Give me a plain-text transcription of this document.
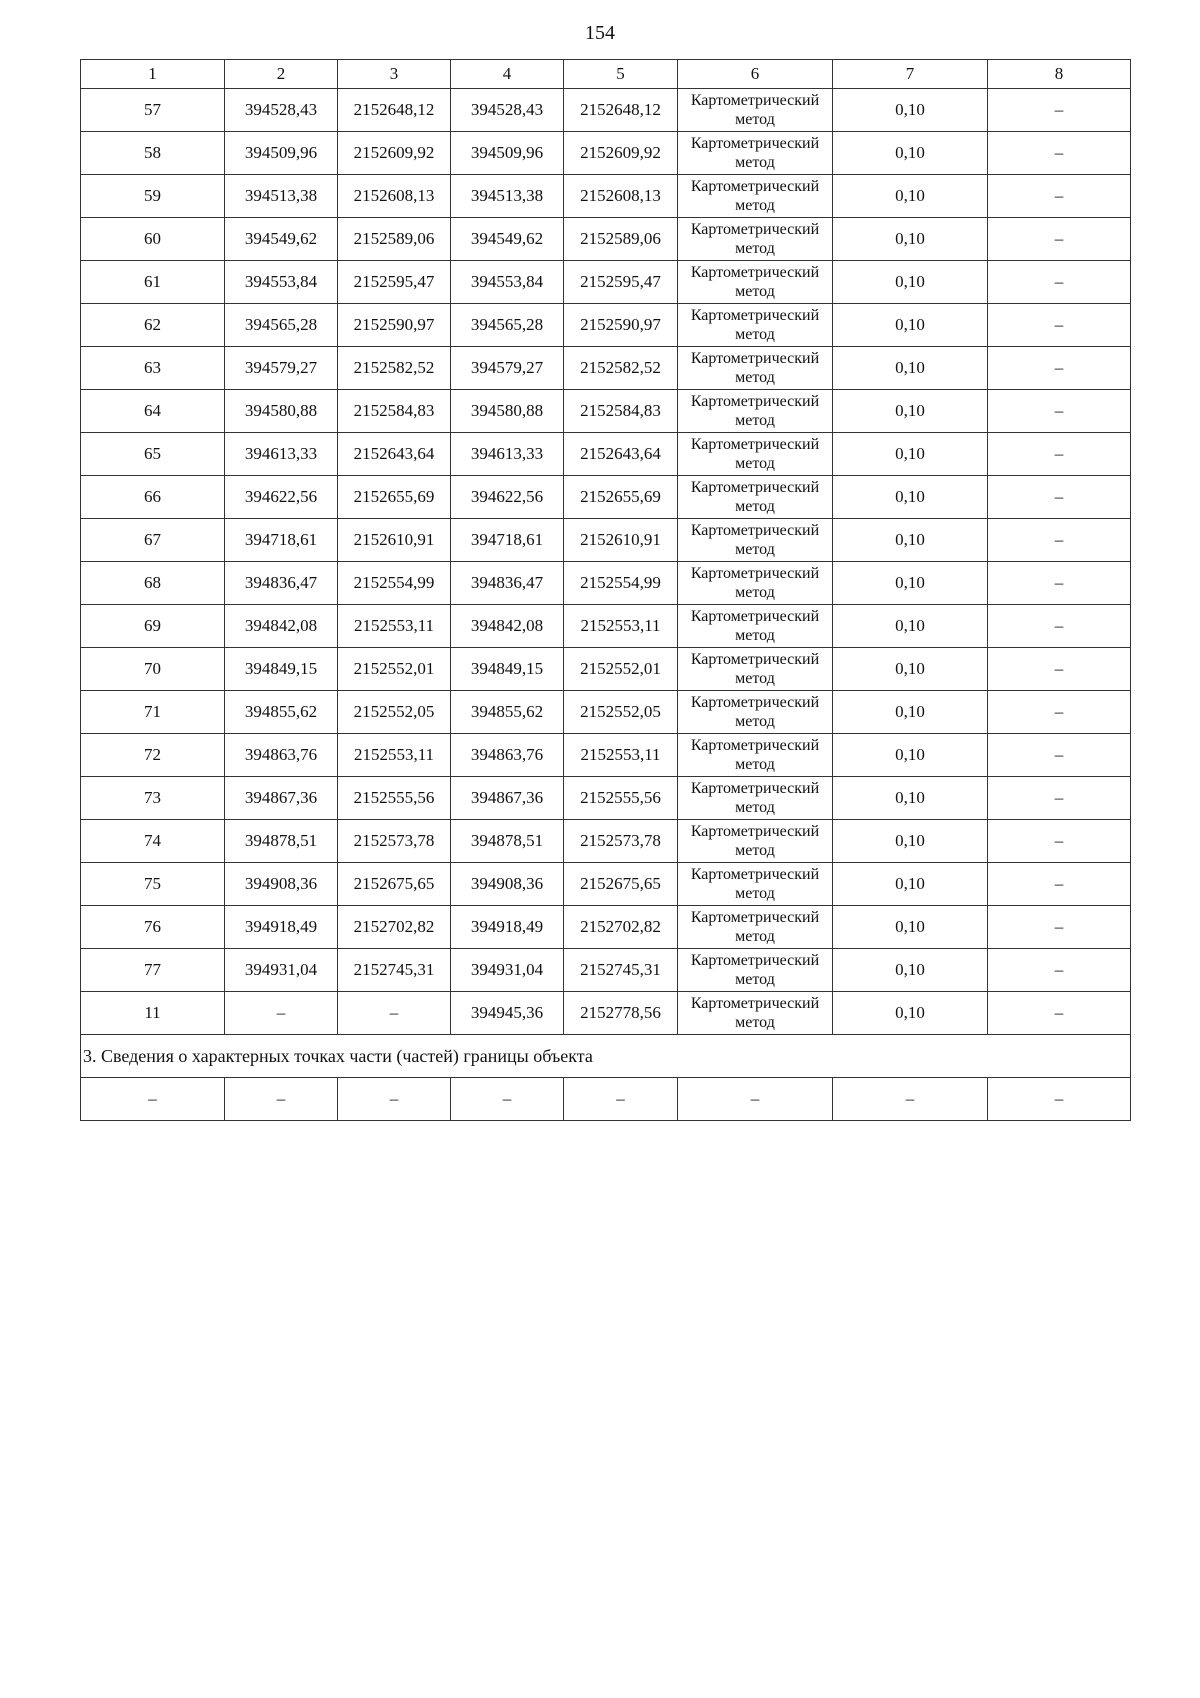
154
1	2	3	4	5	6	7	8
57	394528,43	2152648,12	394528,43	2152648,12	Картометрический
метод	0,10	–
58	394509,96	2152609,92	394509,96	2152609,92	Картометрический
метод	0,10	–
59	394513,38	2152608,13	394513,38	2152608,13	Картометрический
метод	0,10	–
60	394549,62	2152589,06	394549,62	2152589,06	Картометрический
метод	0,10	–
61	394553,84	2152595,47	394553,84	2152595,47	Картометрический
метод	0,10	–
62	394565,28	2152590,97	394565,28	2152590,97	Картометрический
метод	0,10	–
63	394579,27	2152582,52	394579,27	2152582,52	Картометрический
метод	0,10	–
64	394580,88	2152584,83	394580,88	2152584,83	Картометрический
метод	0,10	–
65	394613,33	2152643,64	394613,33	2152643,64	Картометрический
метод	0,10	–
66	394622,56	2152655,69	394622,56	2152655,69	Картометрический
метод	0,10	–
67	394718,61	2152610,91	394718,61	2152610,91	Картометрический
метод	0,10	–
68	394836,47	2152554,99	394836,47	2152554,99	Картометрический
метод	0,10	–
69	394842,08	2152553,11	394842,08	2152553,11	Картометрический
метод	0,10	–
70	394849,15	2152552,01	394849,15	2152552,01	Картометрический
метод	0,10	–
71	394855,62	2152552,05	394855,62	2152552,05	Картометрический
метод	0,10	–
72	394863,76	2152553,11	394863,76	2152553,11	Картометрический
метод	0,10	–
73	394867,36	2152555,56	394867,36	2152555,56	Картометрический
метод	0,10	–
74	394878,51	2152573,78	394878,51	2152573,78	Картометрический
метод	0,10	–
75	394908,36	2152675,65	394908,36	2152675,65	Картометрический
метод	0,10	–
76	394918,49	2152702,82	394918,49	2152702,82	Картометрический
метод	0,10	–
77	394931,04	2152745,31	394931,04	2152745,31	Картометрический
метод	0,10	–
11	–	–	394945,36	2152778,56	Картометрический
метод	0,10	–
3. Сведения о характерных точках части (частей) границы объекта							
–	–	–	–	–	–	–	–
